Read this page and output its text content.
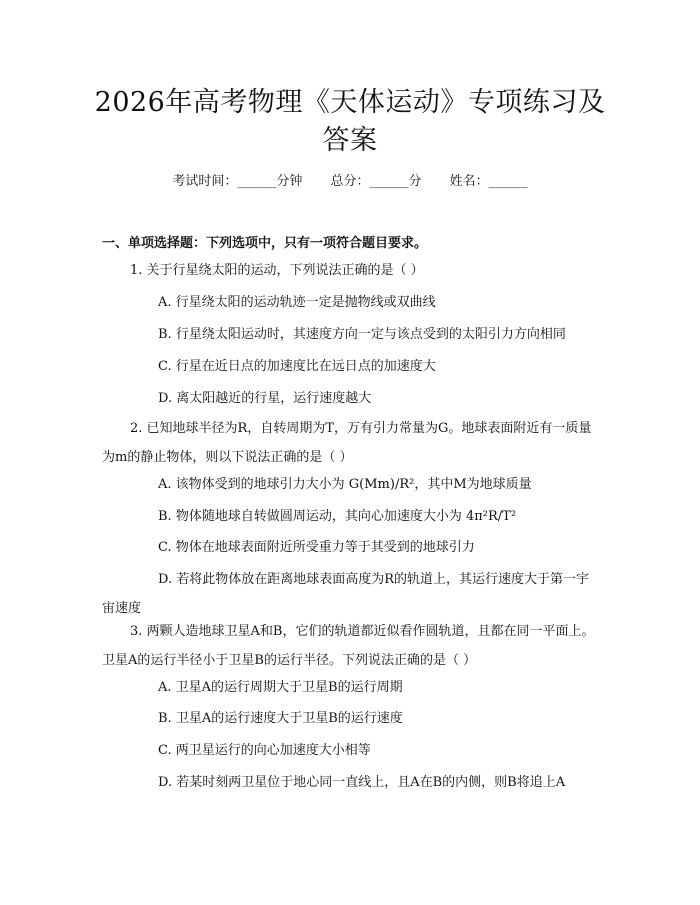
2026年高考物理《天体运动》专项练习及答案
考试时间：______分钟 总分：______分 姓名：______
一、单项选择题：下列选项中，只有一项符合题目要求。
1. 关于行星绕太阳的运动，下列说法正确的是（ ）
A. 行星绕太阳的运动轨迹一定是抛物线或双曲线
B. 行星绕太阳运动时，其速度方向一定与该点受到的太阳引力方向相同
C. 行星在近日点的加速度比在远日点的加速度大
D. 离太阳越近的行星，运行速度越大
2. 已知地球半径为R，自转周期为T，万有引力常量为G。地球表面附近有一质量为m的静止物体，则以下说法正确的是（ ）
A. 该物体受到的地球引力大小为 G(Mm)/R²，其中M为地球质量
B. 物体随地球自转做圆周运动，其向心加速度大小为 4π²R/T²
C. 物体在地球表面附近所受重力等于其受到的地球引力
D. 若将此物体放在距离地球表面高度为R的轨道上，其运行速度大于第一宇宙速度
3. 两颗人造地球卫星A和B，它们的轨道都近似看作圆轨道，且都在同一平面上。卫星A的运行半径小于卫星B的运行半径。下列说法正确的是（ ）
A. 卫星A的运行周期大于卫星B的运行周期
B. 卫星A的运行速度大于卫星B的运行速度
C. 两卫星运行的向心加速度大小相等
D. 若某时刻两卫星位于地心同一直线上，且A在B的内侧，则B将追上A
